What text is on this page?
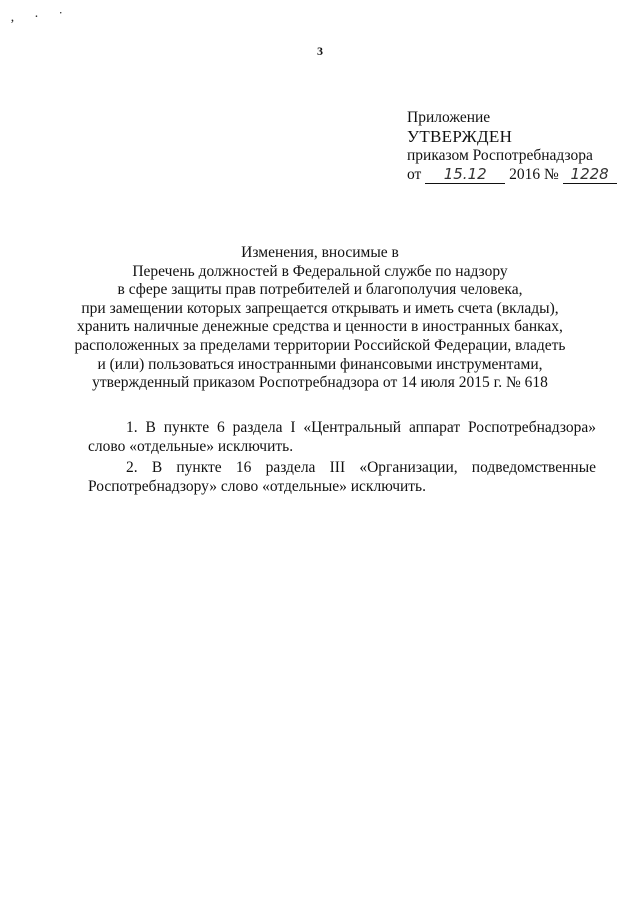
‚ · ˙
3
Приложение
УТВЕРЖДЕН
приказом Роспотребнадзора
от 15.12 2016 № 1228
Изменения, вносимые в
Перечень должностей в Федеральной службе по надзору
в сфере защиты прав потребителей и благополучия человека,
при замещении которых запрещается открывать и иметь счета (вклады),
хранить наличные денежные средства и ценности в иностранных банках,
расположенных за пределами территории Российской Федерации, владеть
и (или) пользоваться иностранными финансовыми инструментами,
утвержденный приказом Роспотребнадзора от 14 июля 2015 г. № 618

1. В пункте 6 раздела I «Центральный аппарат Роспотребнадзора» слово «отдельные» исключить.

2. В пункте 16 раздела III «Организации, подведомственные Роспотребнадзору» слово «отдельные» исключить.
